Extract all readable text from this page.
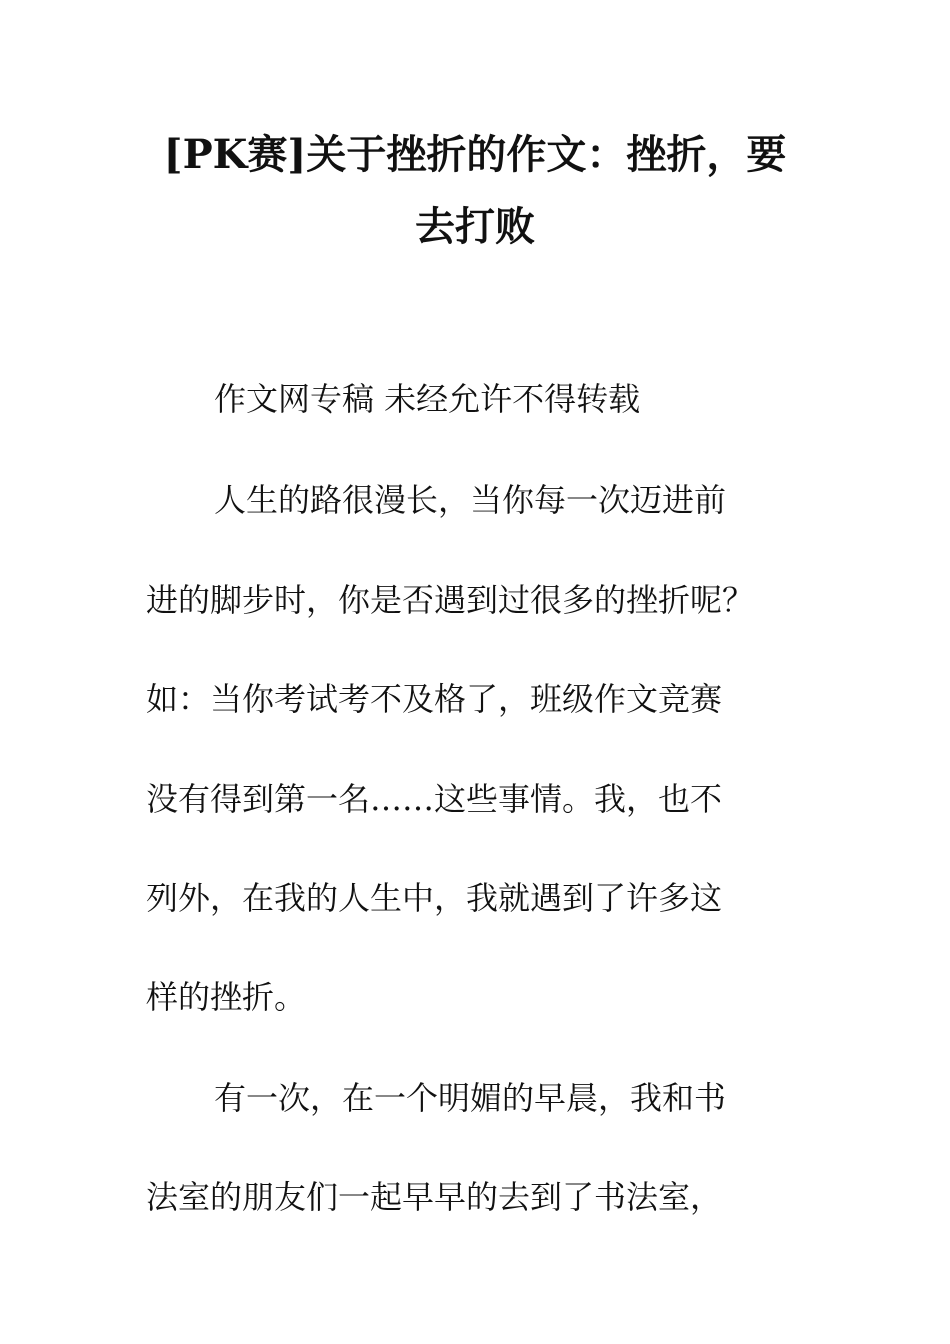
[PK赛]关于挫折的作文：挫折，要
去打败
作文网专稿 未经允许不得转载
人生的路很漫长，当你每一次迈进前
进的脚步时，你是否遇到过很多的挫折呢？
如：当你考试考不及格了，班级作文竞赛
没有得到第一名……这些事情。我，也不
列外，在我的人生中，我就遇到了许多这
样的挫折。
有一次，在一个明媚的早晨，我和书
法室的朋友们一起早早的去到了书法室，
